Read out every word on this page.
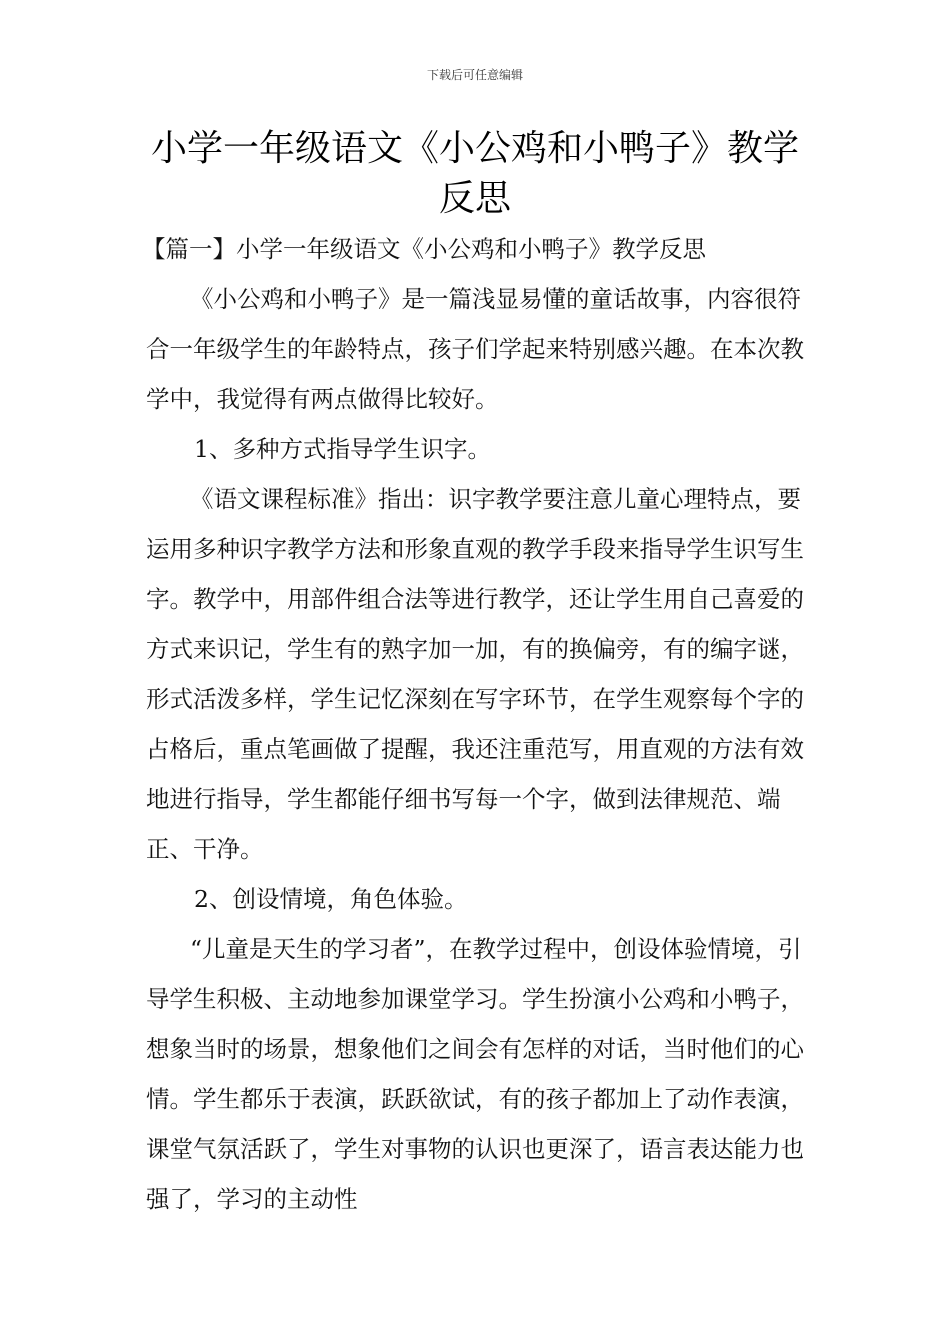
下载后可任意编辑
小学一年级语文《小公鸡和小鸭子》教学反思

【篇一】小学一年级语文《小公鸡和小鸭子》教学反思

《小公鸡和小鸭子》是一篇浅显易懂的童话故事，内容很符合一年级学生的年龄特点，孩子们学起来特别感兴趣。在本次教学中，我觉得有两点做得比较好。

1、多种方式指导学生识字。

《语文课程标准》指出：识字教学要注意儿童心理特点，要运用多种识字教学方法和形象直观的教学手段来指导学生识写生字。教学中，用部件组合法等进行教学，还让学生用自己喜爱的方式来识记，学生有的熟字加一加，有的换偏旁，有的编字谜，形式活泼多样，学生记忆深刻在写字环节，在学生观察每个字的占格后，重点笔画做了提醒，我还注重范写，用直观的方法有效地进行指导，学生都能仔细书写每一个字，做到法律规范、端正、干净。

2、创设情境，角色体验。

“儿童是天生的学习者”，在教学过程中，创设体验情境，引导学生积极、主动地参加课堂学习。学生扮演小公鸡和小鸭子，想象当时的场景，想象他们之间会有怎样的对话，当时他们的心情。学生都乐于表演，跃跃欲试，有的孩子都加上了动作表演，课堂气氛活跃了，学生对事物的认识也更深了，语言表达能力也强了，学习的主动性
